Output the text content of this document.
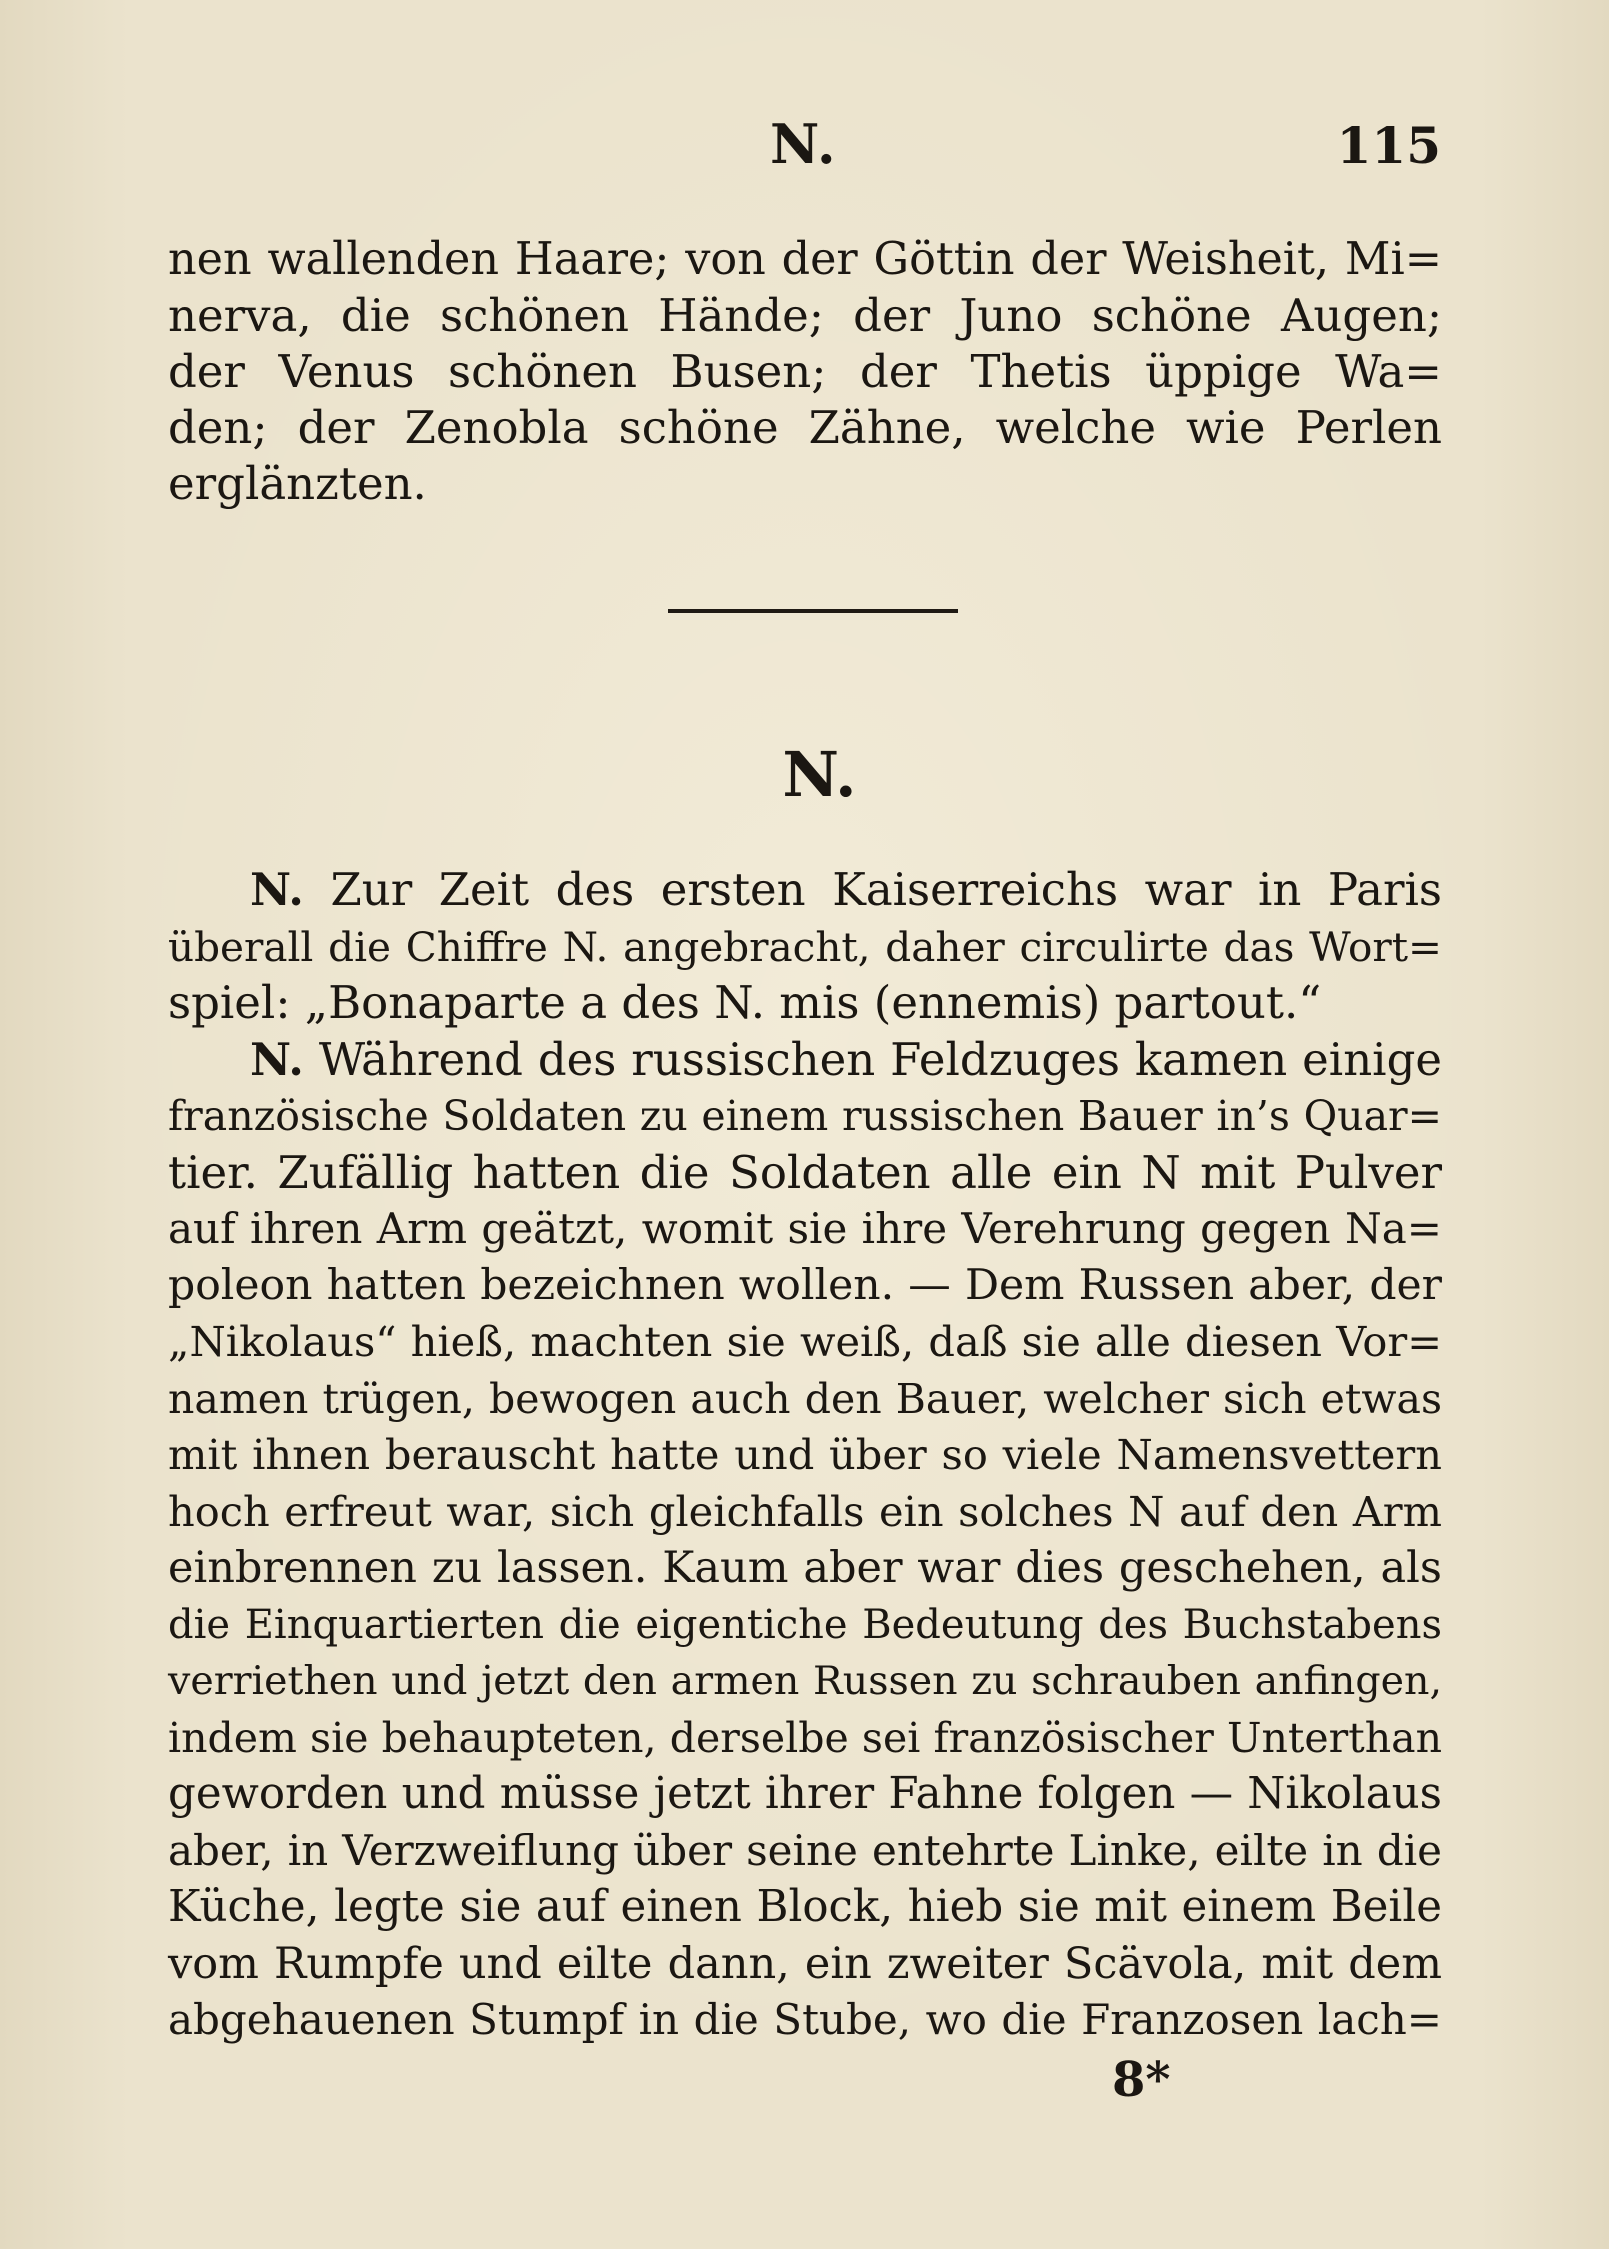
N.	115
nen wallenden Haare; von der Göttin der Weisheit, Mi=
nerva, die schönen Hände; der Juno schöne Augen;
der Venus schönen Busen; der Thetis üppige Wa=
den; der Zenobla schöne Zähne, welche wie Perlen
erglänzten.
N.
N. Zur Zeit des ersten Kaiserreichs war in Paris
überall die Chiffre N. angebracht, daher circulirte das Wort=
spiel: „Bonaparte a des N. mis (ennemis) partout.“
N. Während des russischen Feldzuges kamen einige
französische Soldaten zu einem russischen Bauer in’s Quar=
tier. Zufällig hatten die Soldaten alle ein N mit Pulver
auf ihren Arm geätzt, womit sie ihre Verehrung gegen Na=
poleon hatten bezeichnen wollen. — Dem Russen aber, der
„Nikolaus“ hieß, machten sie weiß, daß sie alle diesen Vor=
namen trügen, bewogen auch den Bauer, welcher sich etwas
mit ihnen berauscht hatte und über so viele Namensvettern
hoch erfreut war, sich gleichfalls ein solches N auf den Arm
einbrennen zu lassen. Kaum aber war dies geschehen, als
die Einquartierten die eigentiche Bedeutung des Buchstabens
verriethen und jetzt den armen Russen zu schrauben anfingen,
indem sie behaupteten, derselbe sei französischer Unterthan
geworden und müsse jetzt ihrer Fahne folgen — Nikolaus
aber, in Verzweiflung über seine entehrte Linke, eilte in die
Küche, legte sie auf einen Block, hieb sie mit einem Beile
vom Rumpfe und eilte dann, ein zweiter Scävola, mit dem
abgehauenen Stumpf in die Stube, wo die Franzosen lach=
8*
